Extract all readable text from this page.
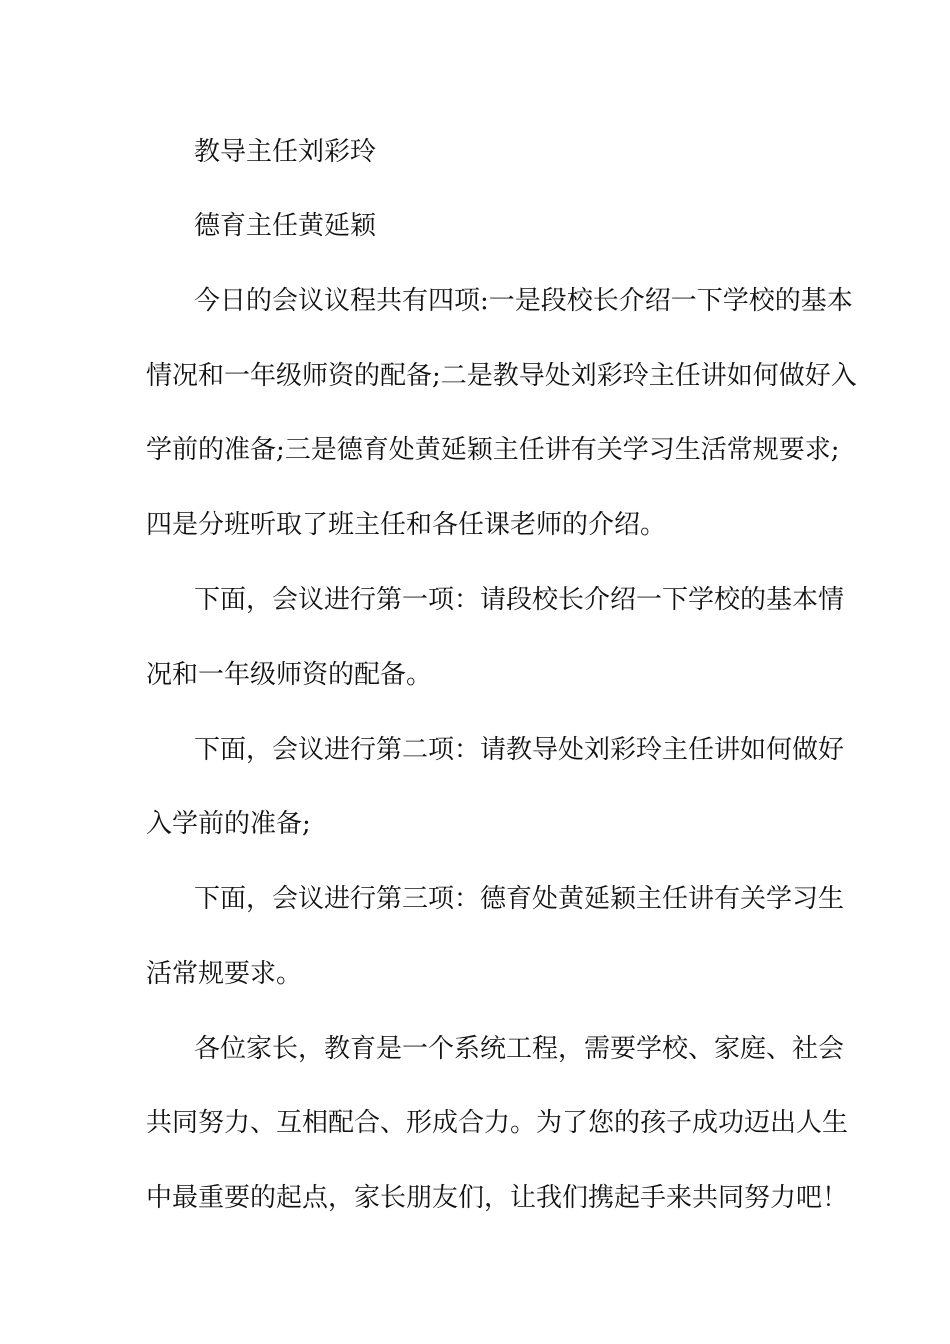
教导主任刘彩玲
德育主任黄延颖
今日的会议议程共有四项:一是段校长介绍一下学校的基本
情况和一年级师资的配备;二是教导处刘彩玲主任讲如何做好入
学前的准备;三是德育处黄延颖主任讲有关学习生活常规要求;
四是分班听取了班主任和各任课老师的介绍。
下面，会议进行第一项：请段校长介绍一下学校的基本情
况和一年级师资的配备。
下面，会议进行第二项：请教导处刘彩玲主任讲如何做好
入学前的准备;
下面，会议进行第三项：德育处黄延颖主任讲有关学习生
活常规要求。
各位家长，教育是一个系统工程，需要学校、家庭、社会
共同努力、互相配合、形成合力。为了您的孩子成功迈出人生
中最重要的起点，家长朋友们，让我们携起手来共同努力吧！
